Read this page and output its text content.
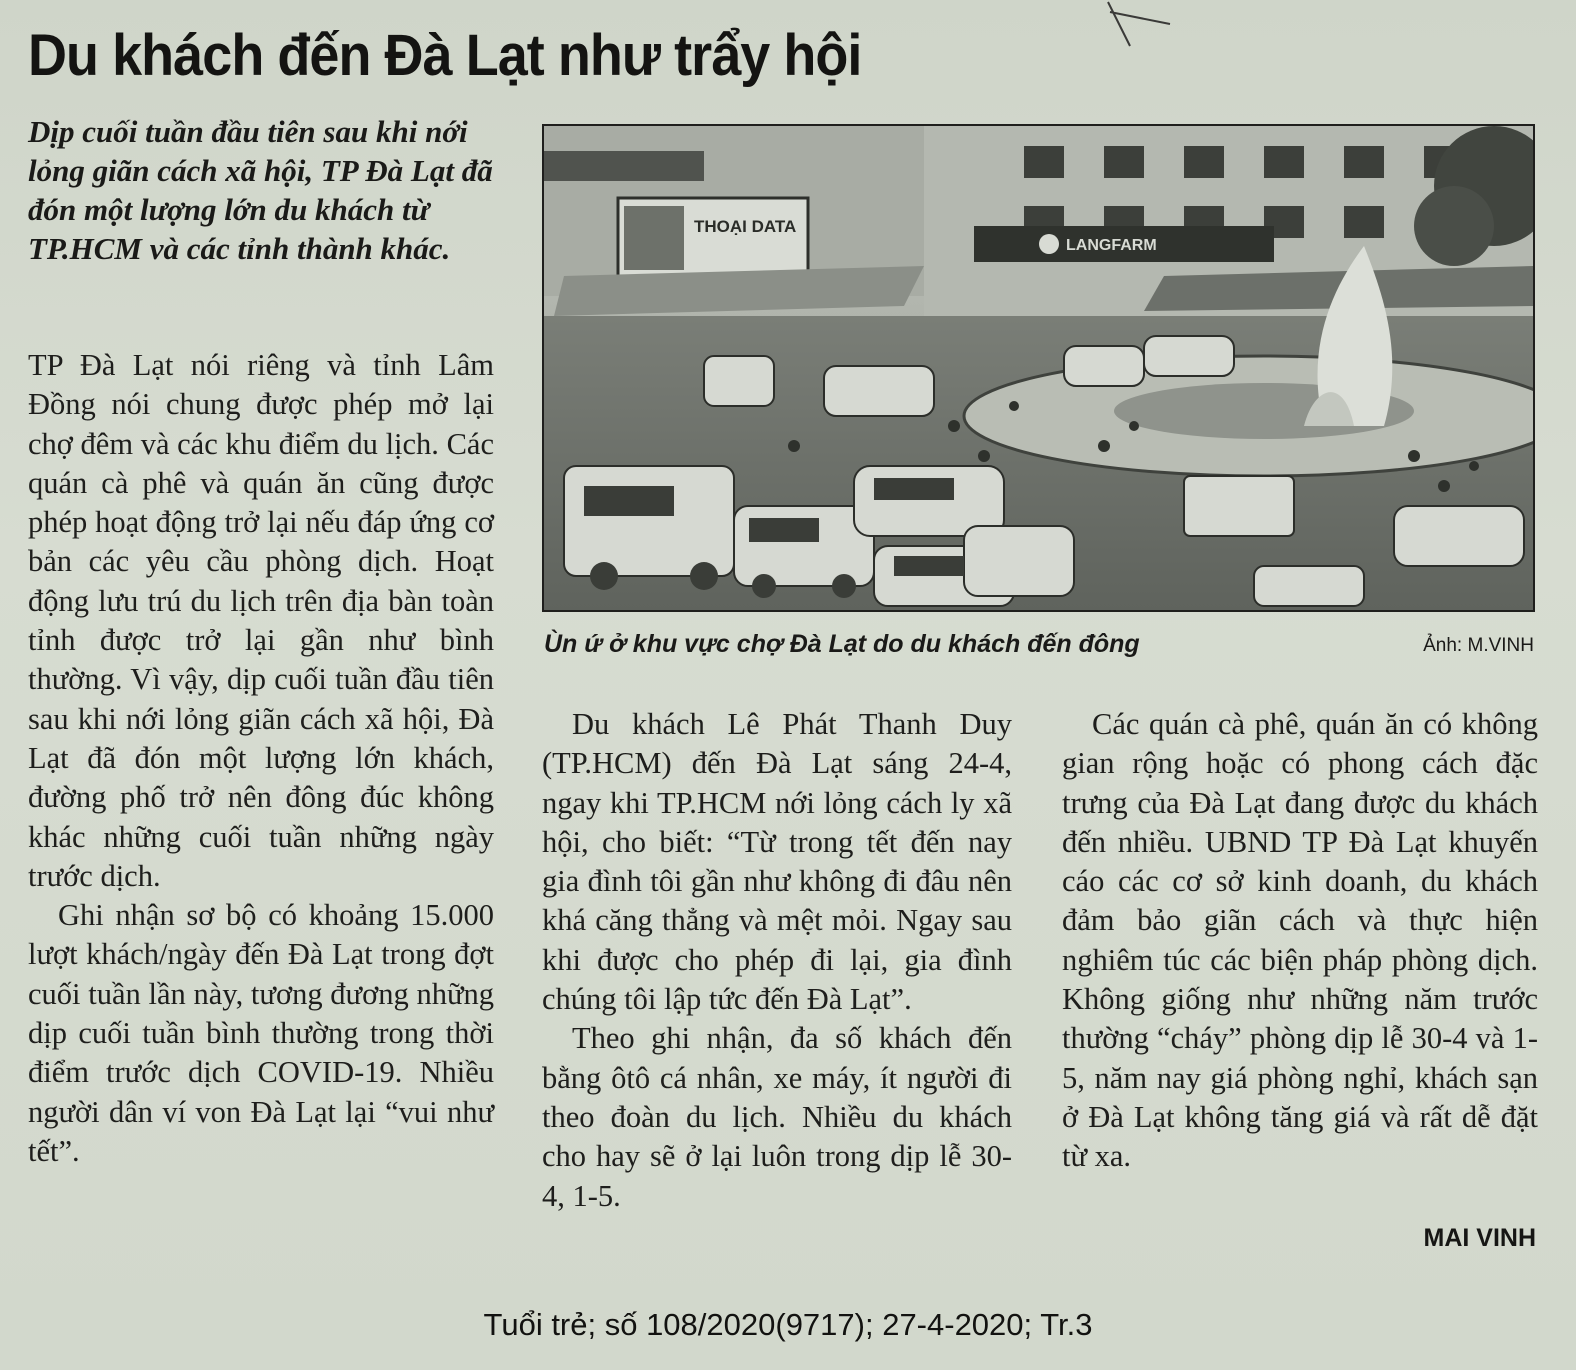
Du khách đến Đà Lạt như trẩy hội

Dịp cuối tuần đầu tiên sau khi nới lỏng giãn cách xã hội, TP Đà Lạt đã đón một lượng lớn du khách từ TP.HCM và các tỉnh thành khác.

TP Đà Lạt nói riêng và tỉnh Lâm Đồng nói chung được phép mở lại chợ đêm và các khu điểm du lịch. Các quán cà phê và quán ăn cũng được phép hoạt động trở lại nếu đáp ứng cơ bản các yêu cầu phòng dịch. Hoạt động lưu trú du lịch trên địa bàn toàn tỉnh được trở lại gần như bình thường. Vì vậy, dịp cuối tuần đầu tiên sau khi nới lỏng giãn cách xã hội, Đà Lạt đã đón một lượng lớn khách, đường phố trở nên đông đúc không khác những cuối tuần những ngày trước dịch.

Ghi nhận sơ bộ có khoảng 15.000 lượt khách/ngày đến Đà Lạt trong đợt cuối tuần lần này, tương đương những dịp cuối tuần bình thường trong thời điểm trước dịch COVID-19. Nhiều người dân ví von Đà Lạt lại “vui như tết”.

THOẠI DATA
LANGFARM
Ùn ứ ở khu vực chợ Đà Lạt do du khách đến đông	Ảnh: M.VINH

Du khách Lê Phát Thanh Duy (TP.HCM) đến Đà Lạt sáng 24-4, ngay khi TP.HCM nới lỏng cách ly xã hội, cho biết: “Từ trong tết đến nay gia đình tôi gần như không đi đâu nên khá căng thẳng và mệt mỏi. Ngay sau khi được cho phép đi lại, gia đình chúng tôi lập tức đến Đà Lạt”.

Theo ghi nhận, đa số khách đến bằng ôtô cá nhân, xe máy, ít người đi theo đoàn du lịch. Nhiều du khách cho hay sẽ ở lại luôn trong dịp lễ 30-4, 1-5.

Các quán cà phê, quán ăn có không gian rộng hoặc có phong cách đặc trưng của Đà Lạt đang được du khách đến nhiều. UBND TP Đà Lạt khuyến cáo các cơ sở kinh doanh, du khách đảm bảo giãn cách và thực hiện nghiêm túc các biện pháp phòng dịch. Không giống như những năm trước thường “cháy” phòng dịp lễ 30-4 và 1-5, năm nay giá phòng nghỉ, khách sạn ở Đà Lạt không tăng giá và rất dễ đặt từ xa.

MAI VINH
Tuổi trẻ; số 108/2020(9717); 27-4-2020; Tr.3
